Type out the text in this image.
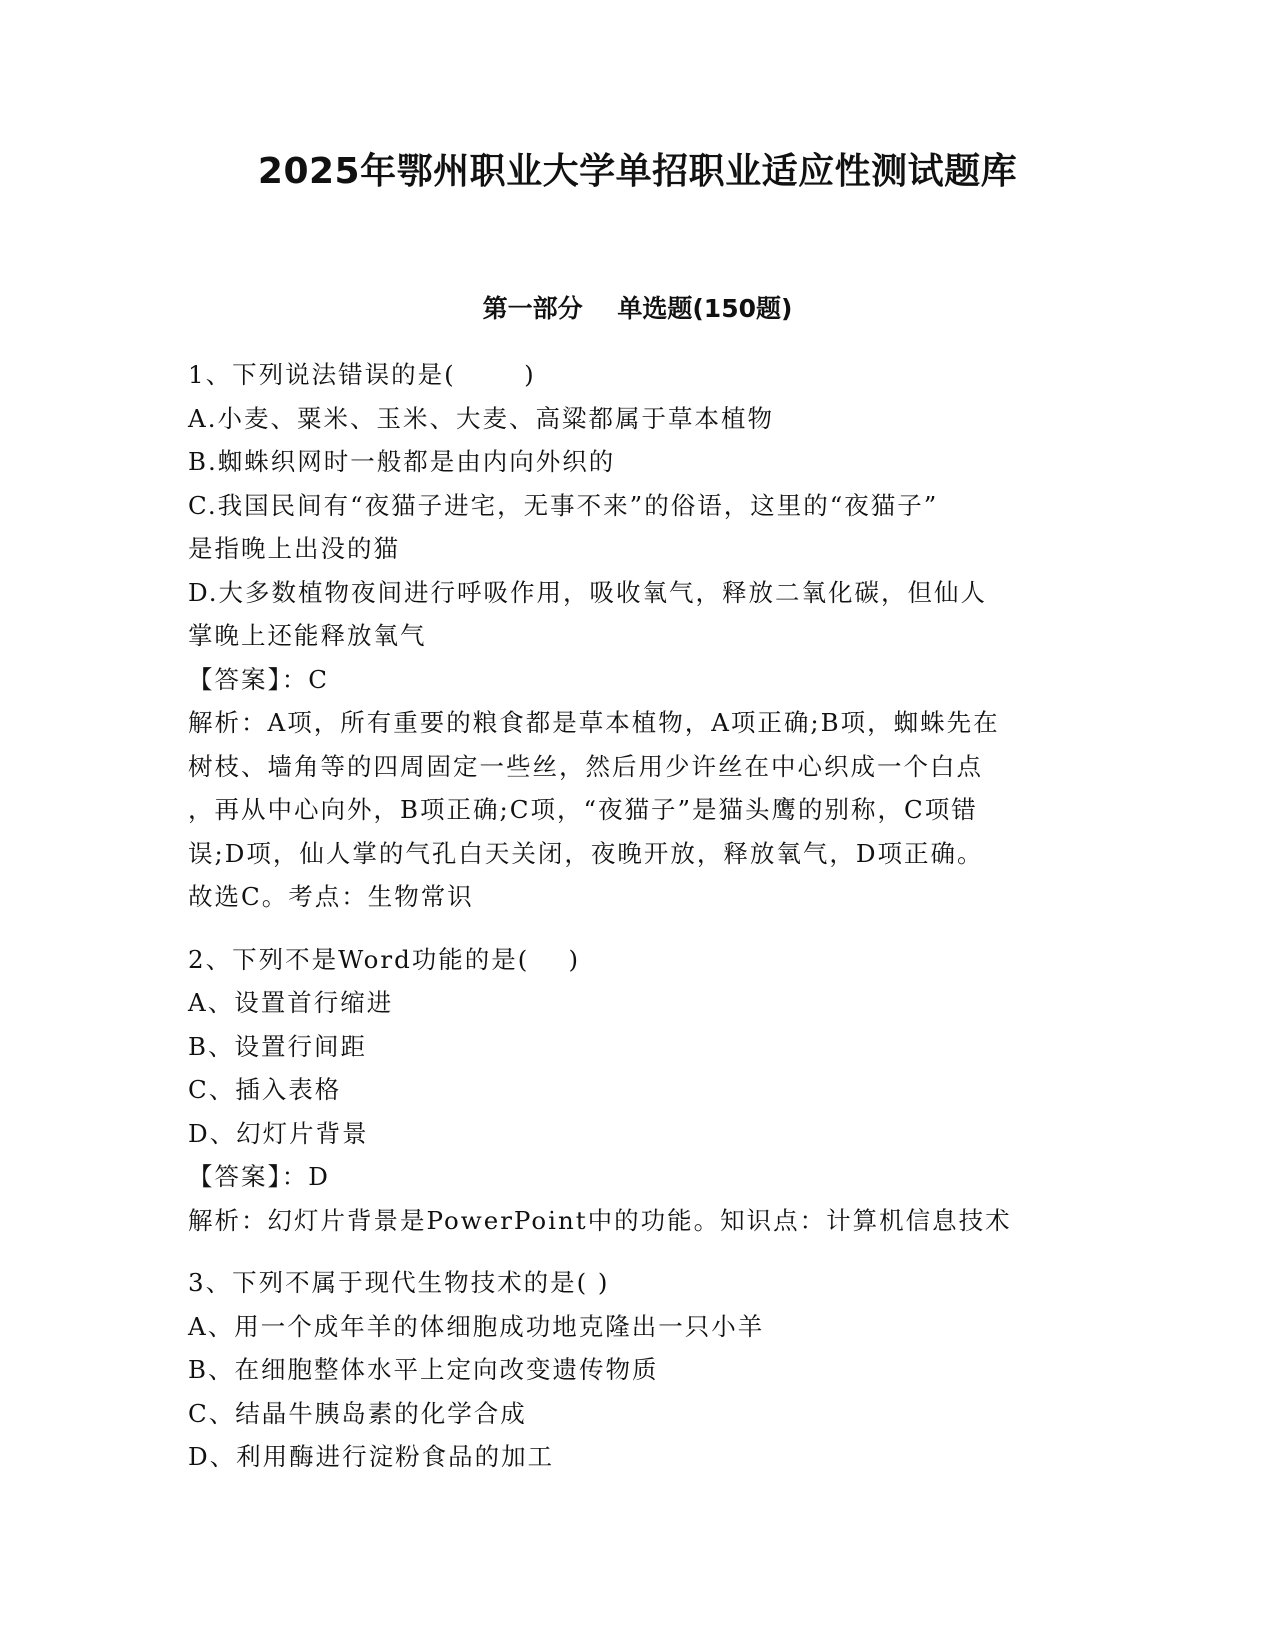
2025年鄂州职业大学单招职业适应性测试题库
第一部分    单选题(150题)
1、下列说法错误的是(       )
A.小麦、粟米、玉米、大麦、高粱都属于草本植物
B.蜘蛛织网时一般都是由内向外织的
C.我国民间有“夜猫子进宅，无事不来”的俗语，这里的“夜猫子”
是指晚上出没的猫
D.大多数植物夜间进行呼吸作用，吸收氧气，释放二氧化碳，但仙人
掌晚上还能释放氧气
【答案】：C
解析：A项，所有重要的粮食都是草本植物，A项正确;B项，蜘蛛先在
树枝、墙角等的四周固定一些丝，然后用少许丝在中心织成一个白点
，再从中心向外，B项正确;C项，“夜猫子”是猫头鹰的别称，C项错
误;D项，仙人掌的气孔白天关闭，夜晚开放，释放氧气，D项正确。
故选C。考点：生物常识
2、下列不是Word功能的是(    )
A、设置首行缩进
B、设置行间距
C、插入表格
D、幻灯片背景
【答案】：D
解析：幻灯片背景是PowerPoint中的功能。知识点：计算机信息技术
3、下列不属于现代生物技术的是( )
A、用一个成年羊的体细胞成功地克隆出一只小羊
B、在细胞整体水平上定向改变遗传物质
C、结晶牛胰岛素的化学合成
D、利用酶进行淀粉食品的加工
